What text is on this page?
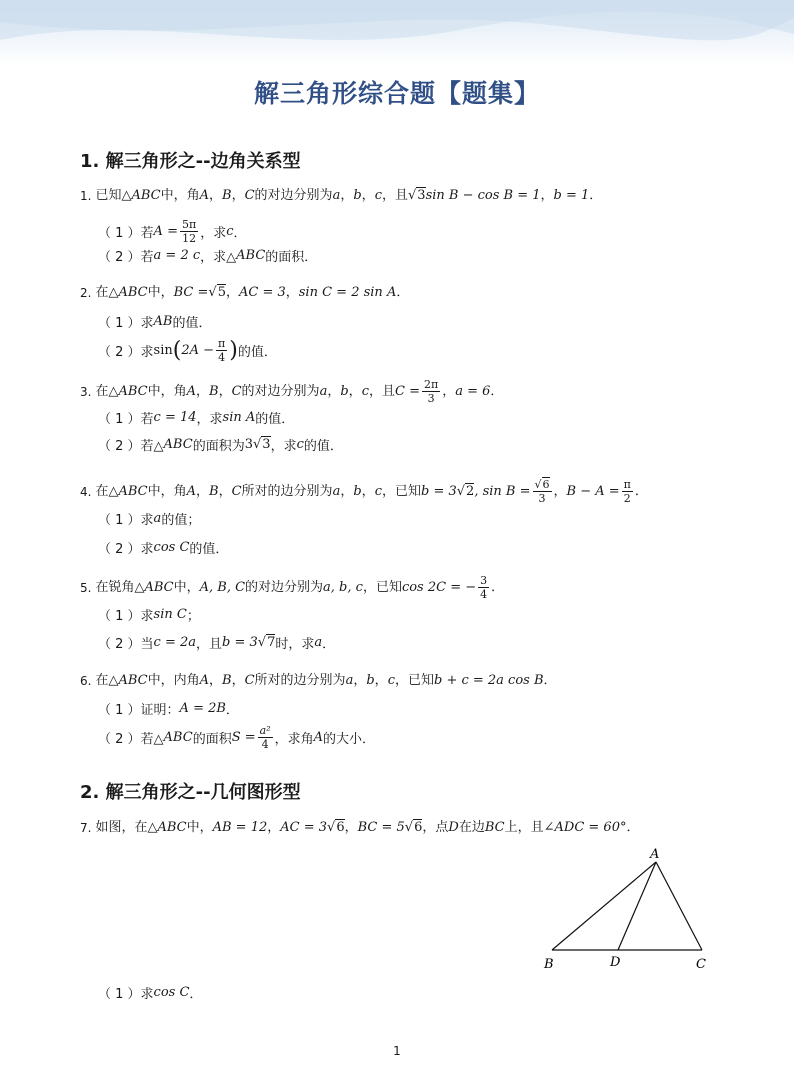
解三角形综合题【题集】
1. 解三角形之--边角关系型
1. 已知△ ABC 中，角 A ， B ， C 的对边分别为 a ， b ， c ，且 √3 sin B − cos B = 1 ， b = 1 ．
（ 1 ）若 $A = \frac{5\pi}{12}$ ，求 c ．
（ 2 ）若 a = 2 c ，求△ ABC 的面积．
2. 在△ ABC 中， BC = √5 ， AC = 3 ， sin C = 2 sin A ．
（ 1 ）求 AB 的值．
（ 2 ）求 sin ( $2A - \frac{\pi}{4}$ ) 的值．
3. 在△ ABC 中，角 A ， B ， C 的对边分别为 a ， b ， c ，且 $C = \frac{2\pi}{3}$ ， a = 6 ．
（ 1 ）若 c = 14 ，求 sin A 的值．
（ 2 ）若△ ABC 的面积为 3 √3 ，求 c 的值．
4. 在△ ABC 中，角 A ， B ， C 所对的边分别为 a ， b ， c ，已知 b = 3 √2 , $\sin B = \frac{√6}{3}$ ， $B - A = \frac{\pi}{2}$ ．
（ 1 ）求 a 的值；
（ 2 ）求 cos C 的值．
5. 在锐角△ ABC 中， A, B, C 的对边分别为 a, b, c ，已知 cos 2C = − $\frac{3}{4}$ ．
（ 1 ）求 sin C ；
（ 2 ）当 c = 2a ，且 b = 3 √7 时，求 a ．
6. 在△ ABC 中，内角 A ， B ， C 所对的边分别为 a ， b ， c ，已知 b + c = 2a cos B ．
（ 1 ）证明： A = 2B ．
（ 2 ）若△ ABC 的面积 $S = \frac{\text{a²}}{4}$ ，求角 A 的大小．
2. 解三角形之--几何图形型
7. 如图，在△ ABC 中， AB = 12 ， AC = 3 √6 ， BC = 5 √6 ，点 D 在边 BC 上，且 ∠ADC = 60° ．
A
B	D	C
（ 1 ）求 cos C ．
1
